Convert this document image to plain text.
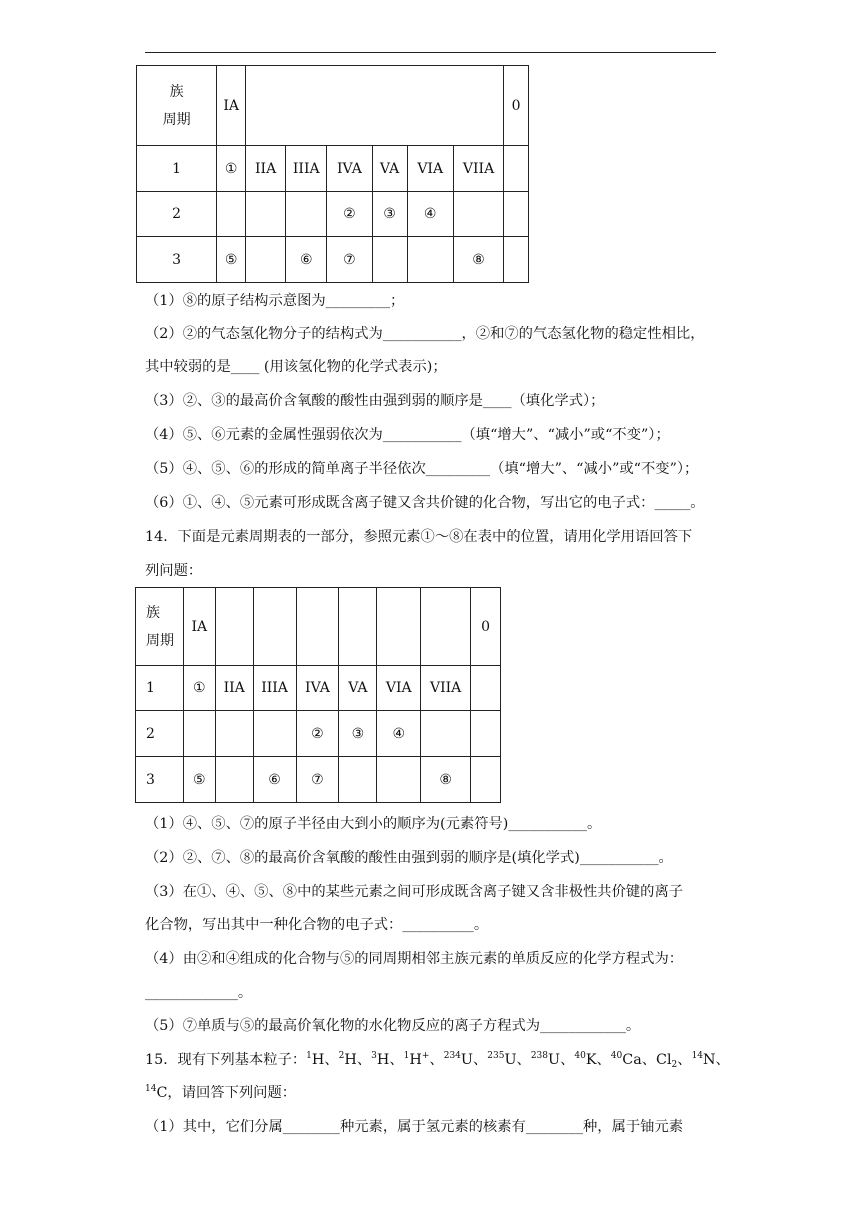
族
周期	IA							0
1	①	IIA	IIIA	IVA	VA	VIA	VIIA	
2				②	③	④		
3	⑤		⑥	⑦			⑧	
（1）⑧的原子结构示意图为_________；
（2）②的气态氢化物分子的结构式为___________，②和⑦的气态氢化物的稳定性相比，
其中较弱的是____ (用该氢化物的化学式表示)；
（3）②、③的最高价含氧酸的酸性由强到弱的顺序是____（填化学式）；
（4）⑤、⑥元素的金属性强弱依次为___________（填“增大”、“减小”或“不变”）；
（5）④、⑤、⑥的形成的简单离子半径依次_________（填“增大”、“减小”或“不变”）；
（6）①、④、⑤元素可形成既含离子键又含共价键的化合物，写出它的电子式：_____。
14．下面是元素周期表的一部分，参照元素①～⑧在表中的位置，请用化学用语回答下
列问题：
族
周期	IA							0
1	①	IIA	IIIA	IVA	VA	VIA	VIIA	
2				②	③	④		
3	⑤		⑥	⑦			⑧	
（1）④、⑤、⑦的原子半径由大到小的顺序为(元素符号)___________。
（2）②、⑦、⑧的最高价含氧酸的酸性由强到弱的顺序是(填化学式)___________。
（3）在①、④、⑤、⑧中的某些元素之间可形成既含离子键又含非极性共价键的离子
化合物，写出其中一种化合物的电子式：__________。
（4）由②和④组成的化合物与⑤的同周期相邻主族元素的单质反应的化学方程式为：
_____________。
（5）⑦单质与⑤的最高价氧化物的水化物反应的离子方程式为____________。
15．现有下列基本粒子：$^1$H、$^2$H、$^3$H、$^1$H+、$^{234}$U、$^{235}$U、$^{238}$U、$^{40}$K、$^{40}$Ca、$Cl_2$、$^{14}$N、
$^{14}$C，请回答下列问题：
（1）其中，它们分属________种元素，属于氢元素的核素有________种，属于铀元素
